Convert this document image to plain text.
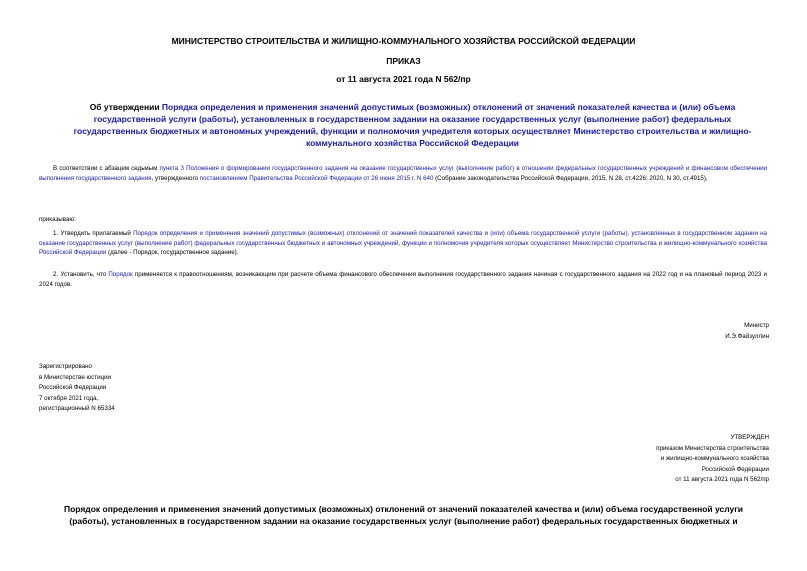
МИНИСТЕРСТВО СТРОИТЕЛЬСТВА И ЖИЛИЩНО-КОММУНАЛЬНОГО ХОЗЯЙСТВА РОССИЙСКОЙ ФЕДЕРАЦИИ
ПРИКАЗ
от 11 августа 2021 года N 562/пр
Об утверждении Порядка определения и применения значений допустимых (возможных) отклонений от значений показателей качества и (или) объема государственной услуги (работы), установленных в государственном задании на оказание государственных услуг (выполнение работ) федеральных государственных бюджетных и автономных учреждений, функции и полномочия учредителя которых осуществляет Министерство строительства и жилищно-коммунального хозяйства Российской Федерации
В соответствии с абзацем седьмым пункта 3 Положения о формировании государственного задания на оказание государственных услуг (выполнение работ) в отношении федеральных государственных учреждений и финансовом обеспечении выполнения государственного задания, утвержденного постановлением Правительства Российской Федерации от 26 июня 2015 г. N 640 (Собрание законодательства Российской Федерации, 2015, N 28, ст.4226; 2020, N 30, ст.4915),
приказываю:
1. Утвердить прилагаемый Порядок определения и применения значений допустимых (возможных) отклонений от значений показателей качества и (или) объема государственной услуги (работы), установленных в государственном задании на оказание государственных услуг (выполнение работ) федеральных государственных бюджетных и автономных учреждений, функции и полномочия учредителя которых осуществляет Министерство строительства и жилищно-коммунального хозяйства Российской Федерации (далее - Порядок, государственное задание).
2. Установить, что Порядок применяется к правоотношениям, возникающим при расчете объема финансового обеспечения выполнения государственного задания начиная с государственного задания на 2022 год и на плановый период 2023 и 2024 годов.
Министр
И.Э.Файзуллин
Зарегистрировано
в Министерстве юстиции
Российской Федерации
7 октября 2021 года,
регистрационный N 65334
УТВЕРЖДЕН
приказом Министерства строительства
и жилищно-коммунального хозяйства
Российской Федерации
от 11 августа 2021 года N 562/пр
Порядок определения и применения значений допустимых (возможных) отклонений от значений показателей качества и (или) объема государственной услуги (работы), установленных в государственном задании на оказание государственных услуг (выполнение работ) федеральных государственных бюджетных и
